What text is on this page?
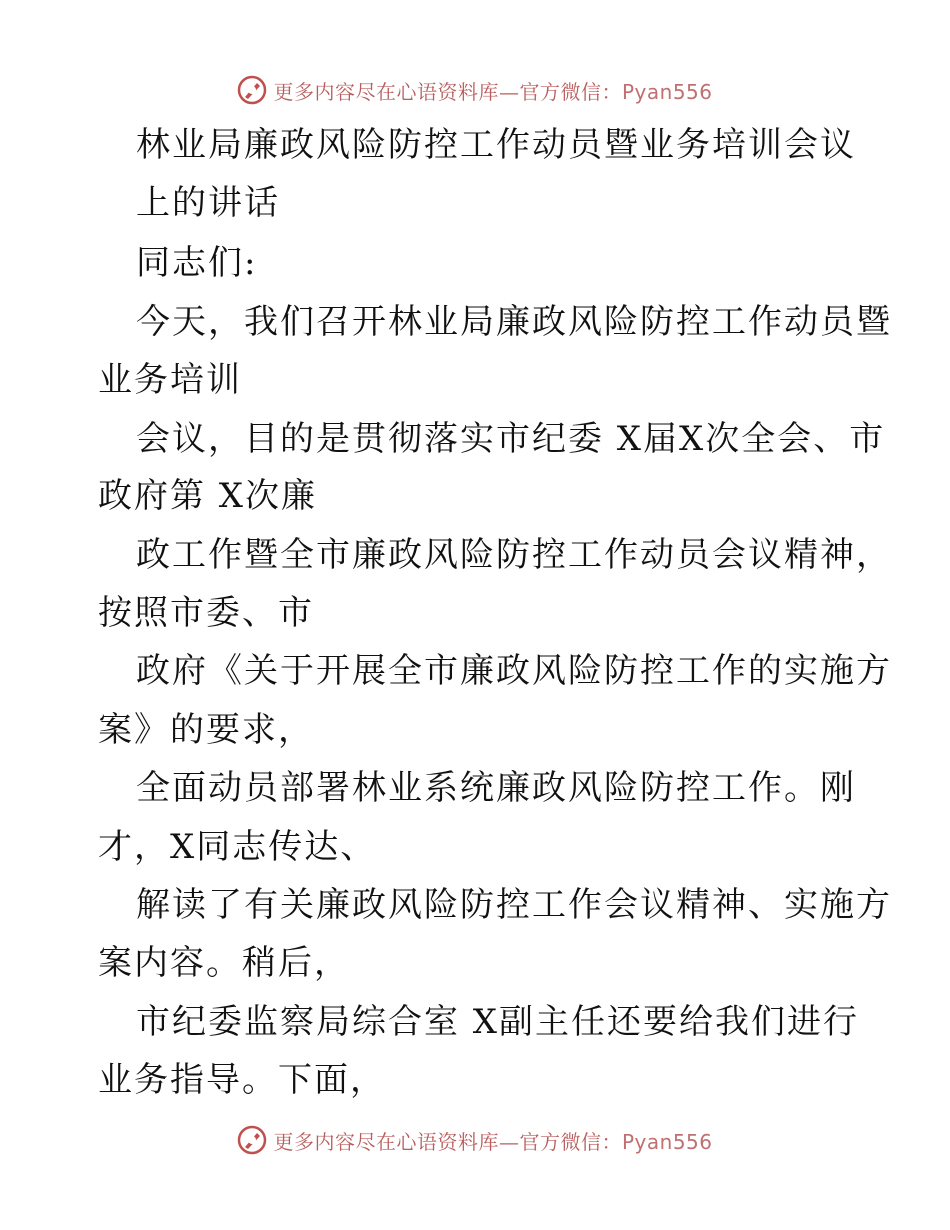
更多内容尽在心语资料库—官方微信：Pyan556
林业局廉政风险防控工作动员暨业务培训会议
上的讲话
同志们:
今天，我们召开林业局廉政风险防控工作动员暨
业务培训
会议，目的是贯彻落实市纪委 X届X次全会、市
政府第 X次廉
政工作暨全市廉政风险防控工作动员会议精神，
按照市委、市
政府《关于开展全市廉政风险防控工作的实施方
案》的要求，
全面动员部署林业系统廉政风险防控工作。刚
才，X同志传达、
解读了有关廉政风险防控工作会议精神、实施方
案内容。稍后，
市纪委监察局综合室 X副主任还要给我们进行
业务指导。下面，
更多内容尽在心语资料库—官方微信：Pyan556
